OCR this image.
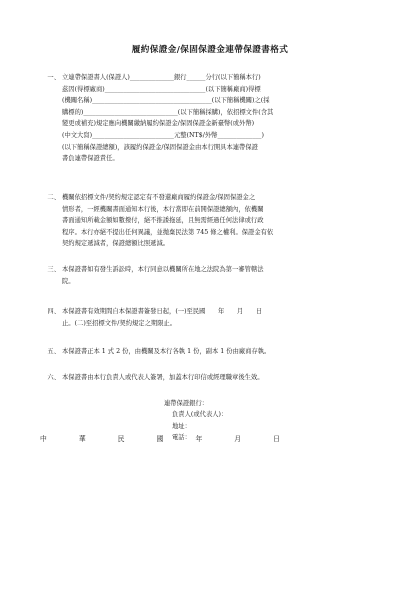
履約保證金/保固保證金連帶保證書格式
一、 立連帶保證書人(保證人)______________銀行______分行(以下簡稱本行)
茲因(得標廠商)________________________________(以下簡稱廠商)得標
(機關名稱)______________________________________(以下簡稱機關)之(採
購標的)______________________________(以下簡稱採購)，依招標文件(含其
變更或補充)規定應向機關繳納履約保證金/保固保證金新臺幣(或外幣)
(中文大寫)__________________________元整(NT$/外幣______________)
(以下簡稱保證總額)，該履約保證金/保固保證金由本行開具本連帶保證
書負連帶保證責任。
二、 機關依招標文件/契約規定認定有不發還廠商履約保證金/保固保證金之
情形者，一經機關書面通知本行後，本行當即在前開保證總額內，依機關
書面通知所載金額如數撥付，絕不推諉拖延，且無需經過任何法律或行政
程序。本行亦絕不提出任何異議，並拋棄民法第 745 條之權利。保證金有依
契約規定遞減者，保證總額比照遞減。
三、 本保證書如有發生訴訟時，本行同意以機關所在地之法院為第一審管轄法
院。
四、 本保證書有效期間自本保證書簽發日起，(一)至民國　　年　　月　　日
止。(二)至招標文件/契約規定之期限止。
五、 本保證書正本 1 式 2 份，由機關及本行各執 1 份，副本 1 份由廠商存執。
六、 本保證書由本行負責人或代表人簽署，加蓋本行印信或經理職章後生效。
連帶保證銀行：
負責人(或代表人)：
地址：
電話：
中	華	民	國	年	月	日
